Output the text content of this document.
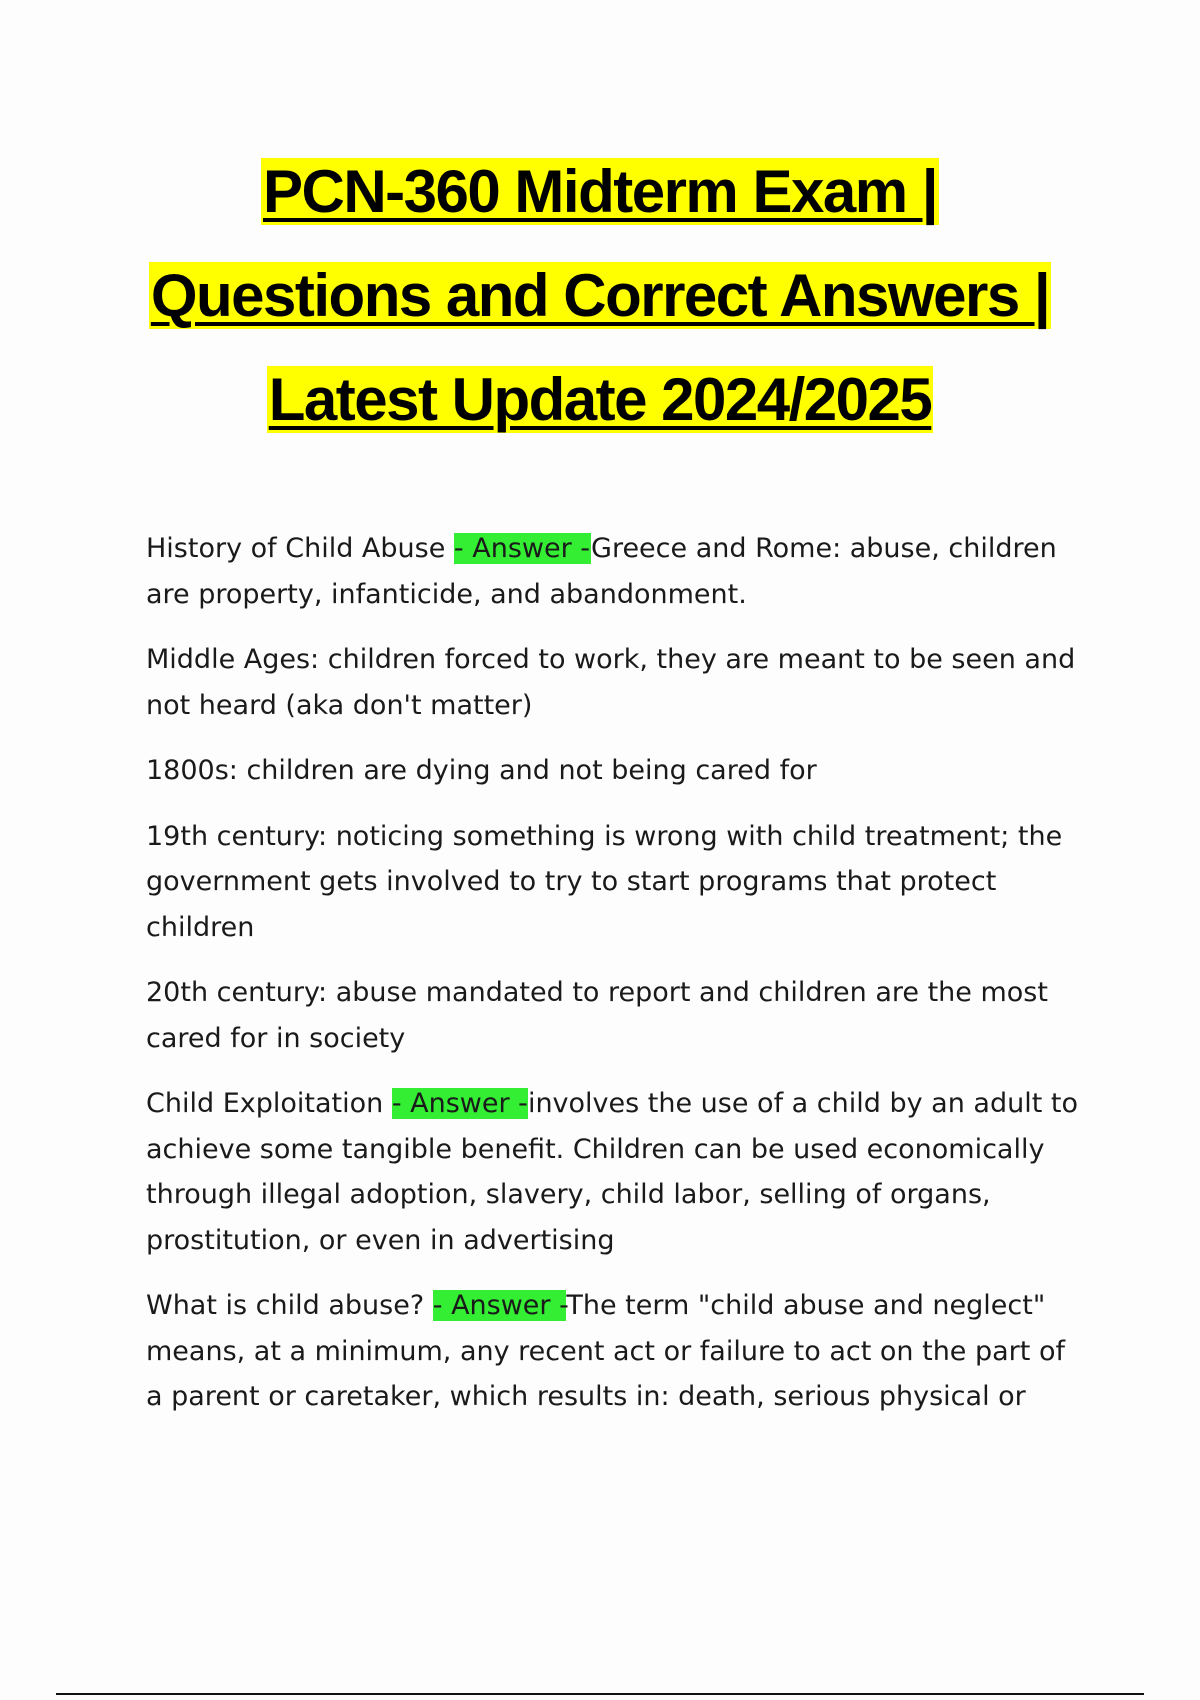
PCN-360 Midterm Exam |
Questions and Correct Answers |
Latest Update 2024/2025

History of Child Abuse - Answer -Greece and Rome: abuse, children are property, infanticide, and abandonment.

Middle Ages: children forced to work, they are meant to be seen and not heard (aka don't matter)

1800s: children are dying and not being cared for

19th century: noticing something is wrong with child treatment; the government gets involved to try to start programs that protect children

20th century: abuse mandated to report and children are the most cared for in society

Child Exploitation - Answer -involves the use of a child by an adult to achieve some tangible benefit. Children can be used economically through illegal adoption, slavery, child labor, selling of organs, prostitution, or even in advertising

What is child abuse? - Answer -The term "child abuse and neglect" means, at a minimum, any recent act or failure to act on the part of a parent or caretaker, which results in: death, serious physical or
